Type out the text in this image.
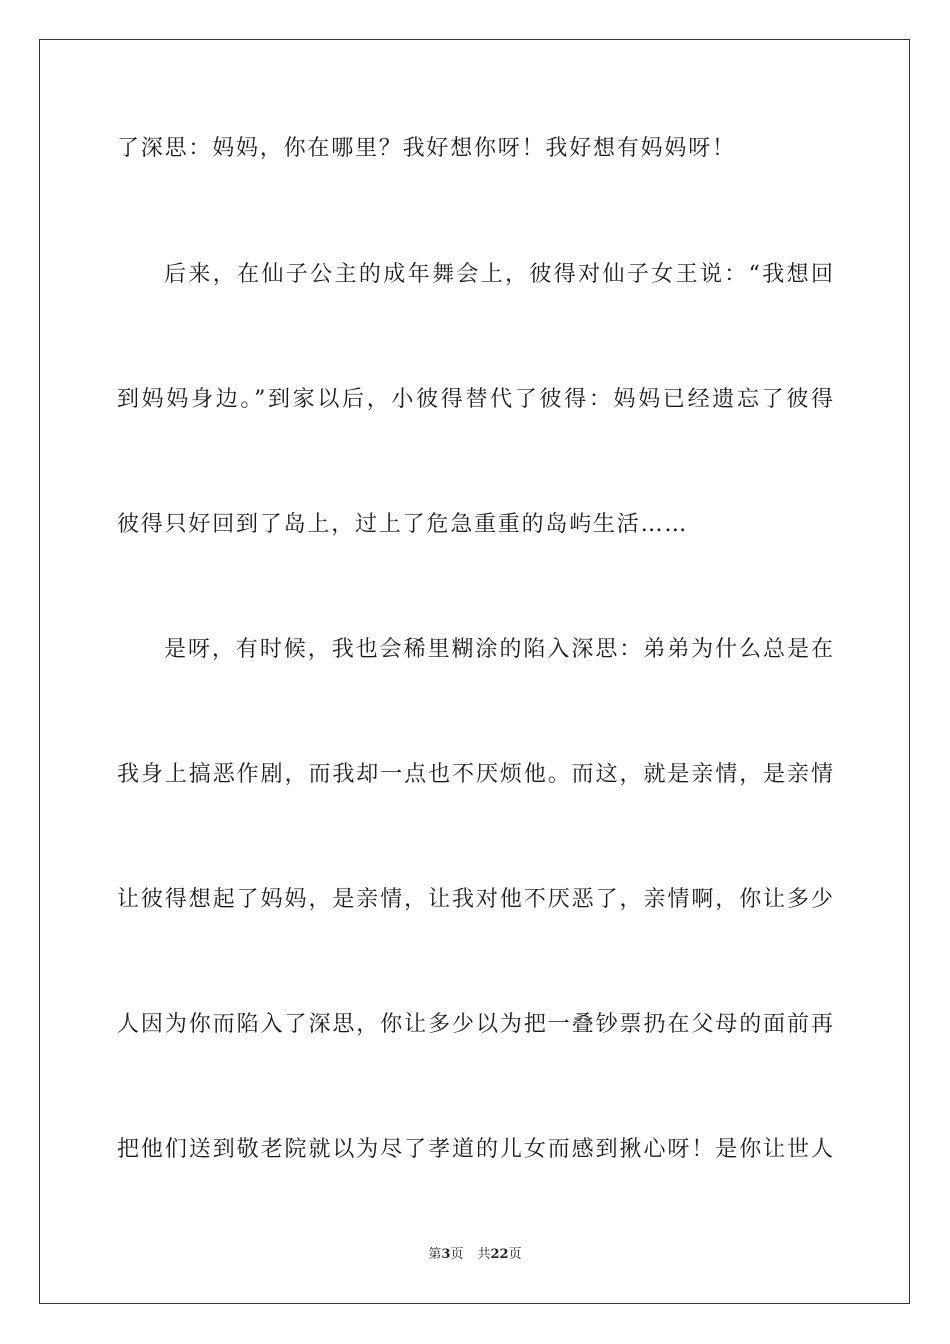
了深思：妈妈，你在哪里？我好想你呀！我好想有妈妈呀！
后来，在仙子公主的成年舞会上，彼得对仙子女王说：“我想回
到妈妈身边。”到家以后，小彼得替代了彼得：妈妈已经遗忘了彼得
彼得只好回到了岛上，过上了危急重重的岛屿生活……
是呀，有时候，我也会稀里糊涂的陷入深思：弟弟为什么总是在
我身上搞恶作剧，而我却一点也不厌烦他。而这，就是亲情，是亲情
让彼得想起了妈妈，是亲情，让我对他不厌恶了，亲情啊，你让多少
人因为你而陷入了深思，你让多少以为把一叠钞票扔在父母的面前再
把他们送到敬老院就以为尽了孝道的儿女而感到揪心呀！是你让世人
第3页 共22页
